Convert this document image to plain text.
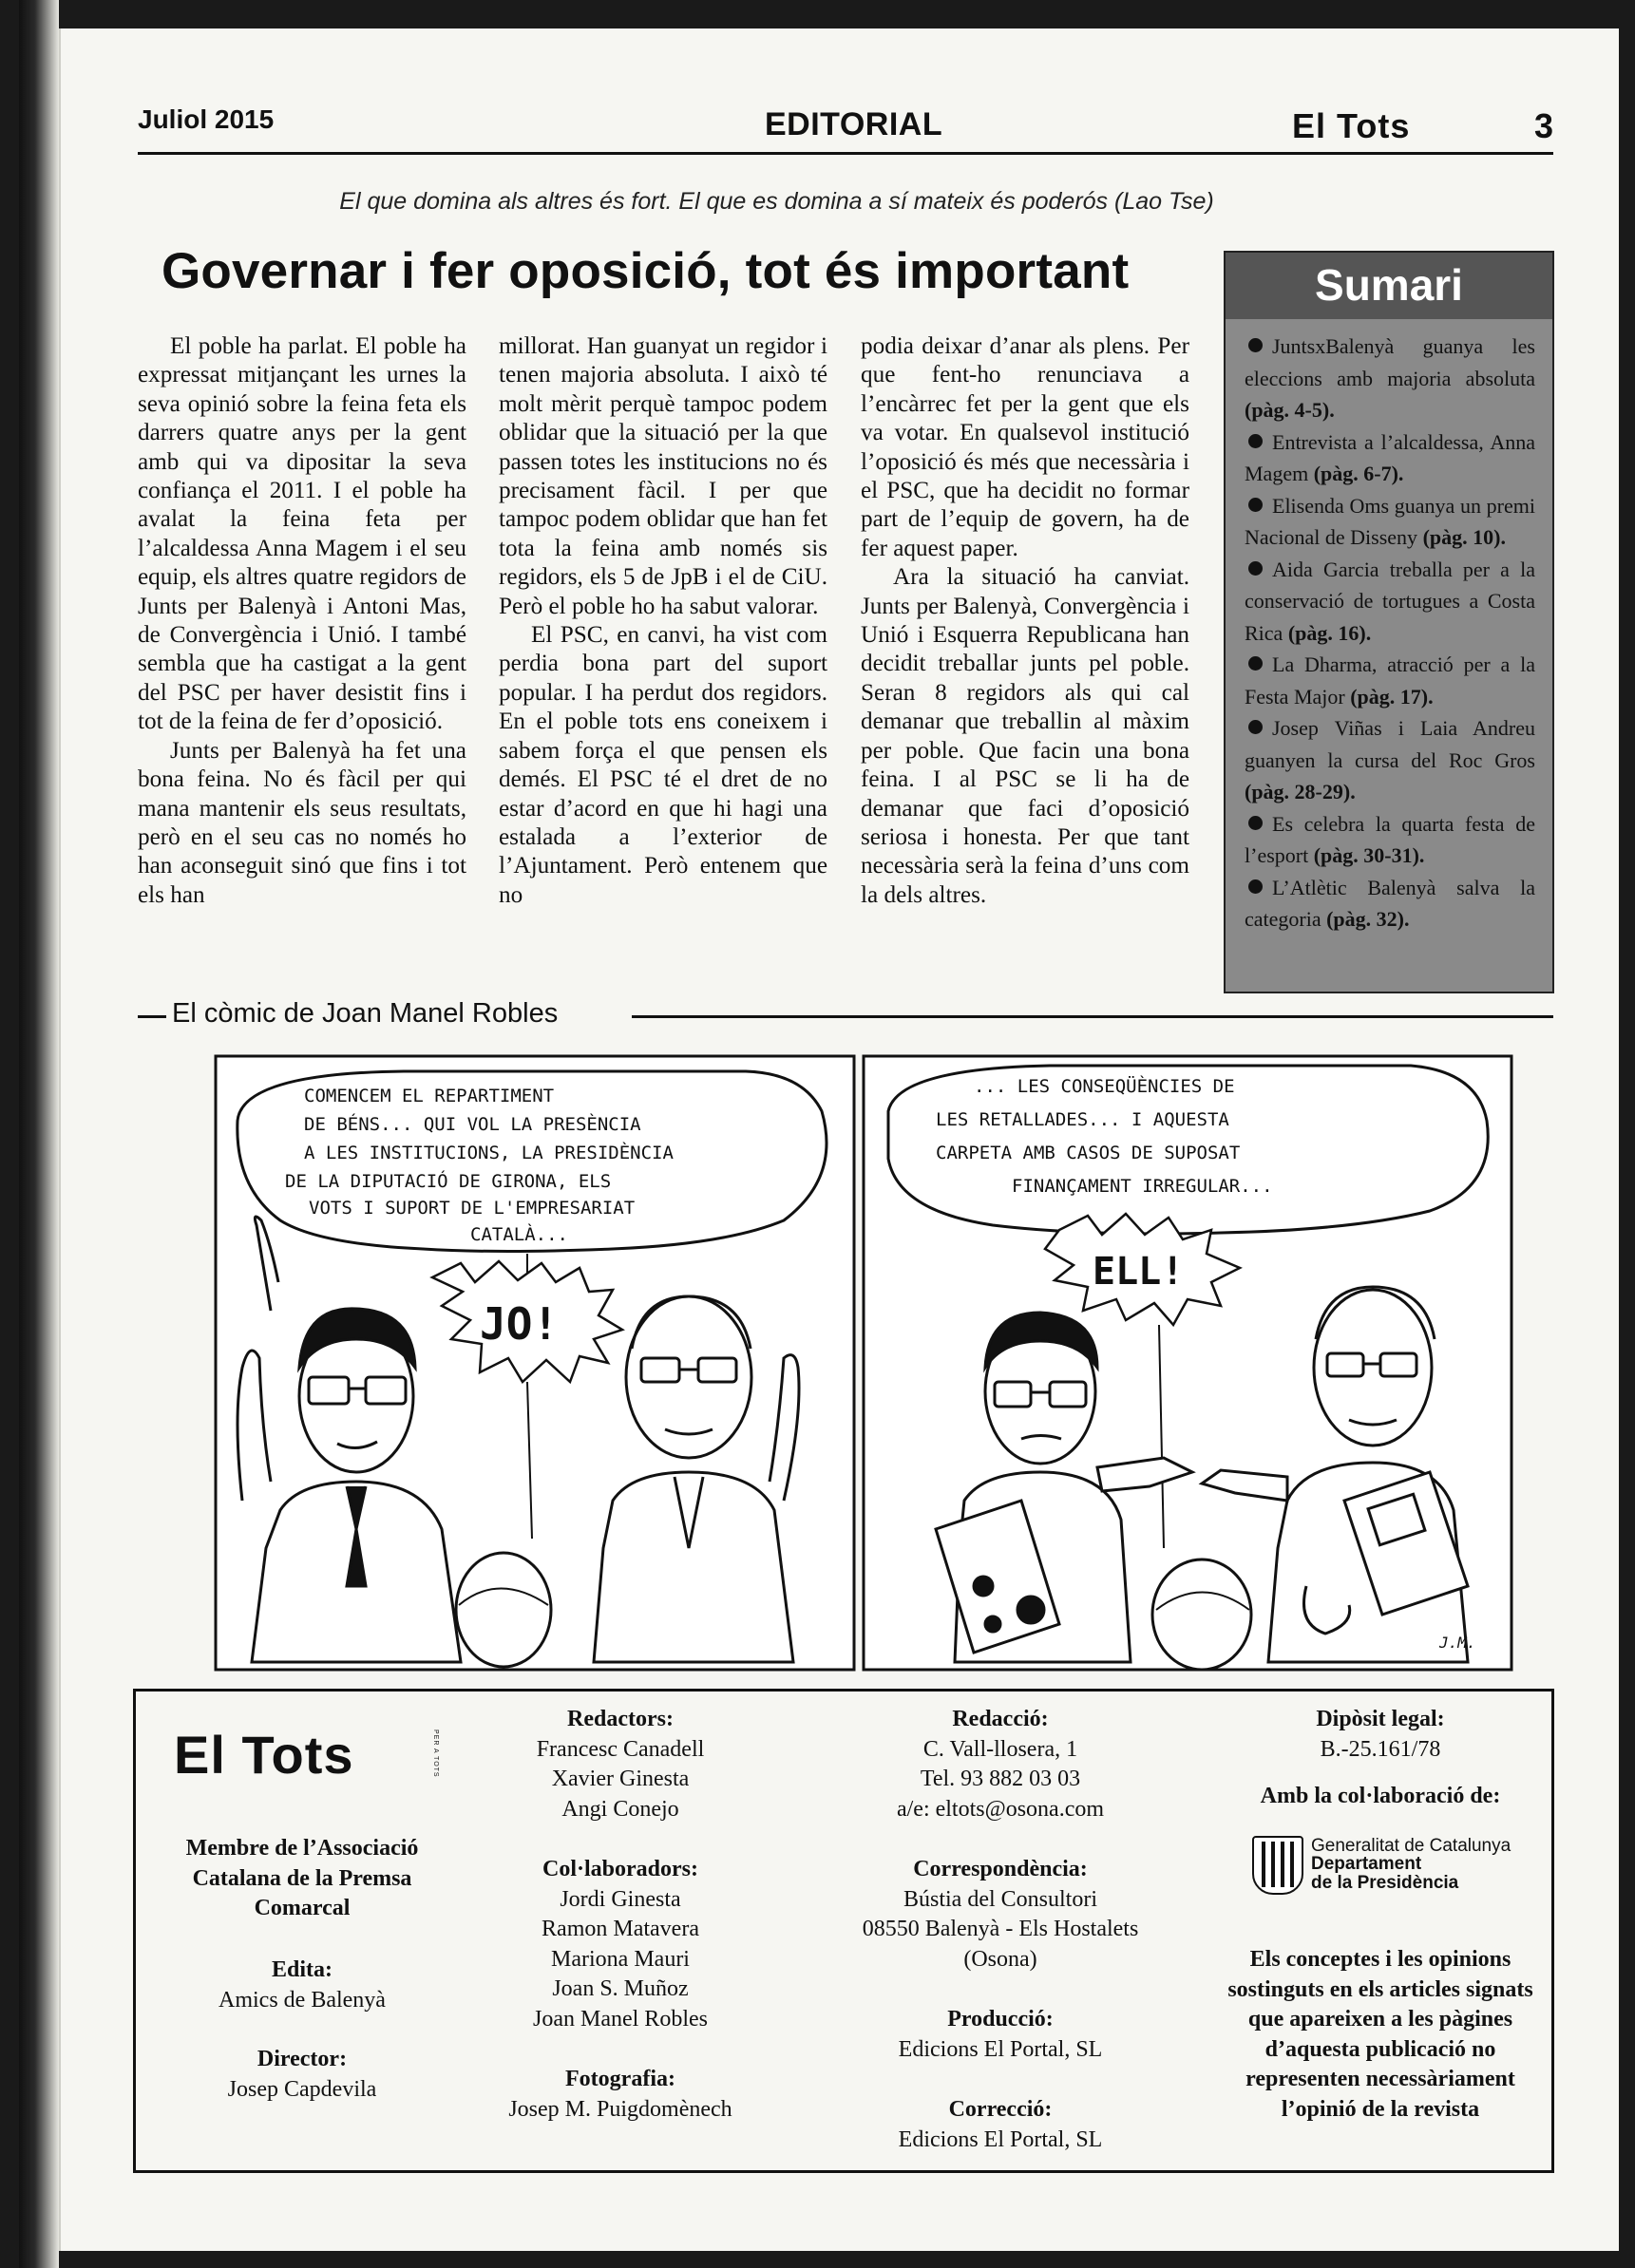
Juliol 2015	EDITORIAL	El Tots	3
El que domina als altres és fort. El que es domina a sí mateix és poderós (Lao Tse)
Governar i fer oposició, tot és important

El poble ha parlat. El poble ha expressat mitjançant les urnes la seva opinió sobre la feina feta els darrers quatre anys per la gent amb qui va dipositar la seva confiança el 2011. I el poble ha avalat la feina feta per l’alcaldessa Anna Magem i el seu equip, els altres quatre regidors de Junts per Balenyà i Antoni Mas, de Convergència i Unió. I també sembla que ha castigat a la gent del PSC per haver desistit fins i tot de la feina de fer d’oposició.

Junts per Balenyà ha fet una bona feina. No és fàcil per qui mana mantenir els seus resultats, però en el seu cas no només ho han aconseguit sinó que fins i tot els han

millorat. Han guanyat un regidor i tenen majoria absoluta. I això té molt mèrit perquè tampoc podem oblidar que la situació per la que passen totes les institucions no és precisament fàcil. I per que tampoc podem oblidar que han fet tota la feina amb només sis regidors, els 5 de JpB i el de CiU. Però el poble ho ha sabut valorar.

El PSC, en canvi, ha vist com perdia bona part del suport popular. I ha perdut dos regidors. En el poble tots ens coneixem i sabem força el que pensen els demés. El PSC té el dret de no estar d’acord en que hi hagi una estalada a l’exterior de l’Ajuntament. Però entenem que no

podia deixar d’anar als plens. Per que fent-ho renunciava a l’encàrrec fet per la gent que els va votar. En qualsevol institució l’oposició és més que necessària i el PSC, que ha decidit no formar part de l’equip de govern, ha de fer aquest paper.

Ara la situació ha canviat. Junts per Balenyà, Convergència i Unió i Esquerra Republicana han decidit treballar junts pel poble. Seran 8 regidors als qui cal demanar que treballin al màxim per poble. Que facin una bona feina. I al PSC se li ha de demanar que faci d’oposició seriosa i honesta. Per que tant necessària serà la feina d’uns com la dels altres.

Sumari
JuntsxBalenyà guanya les eleccions amb majoria absoluta (pàg. 4-5).
Entrevista a l’alcaldessa, Anna Magem (pàg. 6-7).
Elisenda Oms guanya un premi Nacional de Disseny (pàg. 10).
Aida Garcia treballa per a la conservació de tortugues a Costa Rica (pàg. 16).
La Dharma, atracció per a la Festa Major (pàg. 17).
Josep Viñas i Laia Andreu guanyen la cursa del Roc Gros (pàg. 28-29).
Es celebra la quarta festa de l’esport (pàg. 30-31).
L’Atlètic Balenyà salva la categoria (pàg. 32).
El còmic de Joan Manel Robles
COMENCEM EL REPARTIMENT
DE BÉNS... QUI VOL LA PRESÈNCIA
A LES INSTITUCIONS, LA PRESIDÈNCIA
DE LA DIPUTACIÓ DE GIRONA, ELS
VOTS I SUPORT DE L'EMPRESARIAT
CATALÀ...
JO!
... LES CONSEQÜÈNCIES DE
LES RETALLADES... I AQUESTA
CARPETA AMB CASOS DE SUPOSAT
FINANÇAMENT IRREGULAR...
ELL!
J.M.
El Tots	PER A TOTS
Membre de l’Associació Catalana de la Premsa Comarcal
Edita:
Amics de Balenyà
Director:
Josep Capdevila
Redactors:
Francesc Canadell
Xavier Ginesta
Angi Conejo
Col·laboradors:
Jordi Ginesta
Ramon Matavera
Mariona Mauri
Joan S. Muñoz
Joan Manel Robles
Fotografia:
Josep M. Puigdomènech
Redacció:
C. Vall-llosera, 1
Tel. 93 882 03 03
a/e: eltots@osona.com
Correspondència:
Bústia del Consultori
08550 Balenyà - Els Hostalets
(Osona)
Producció:
Edicions El Portal, SL
Correcció:
Edicions El Portal, SL
Dipòsit legal:
B.-25.161/78
Amb la col·laboració de:
Generalitat de Catalunya
Departament
de la Presidència
Els conceptes i les opinions sostinguts en els articles signats que apareixen a les pàgines d’aquesta publicació no representen necessàriament l’opinió de la revista
